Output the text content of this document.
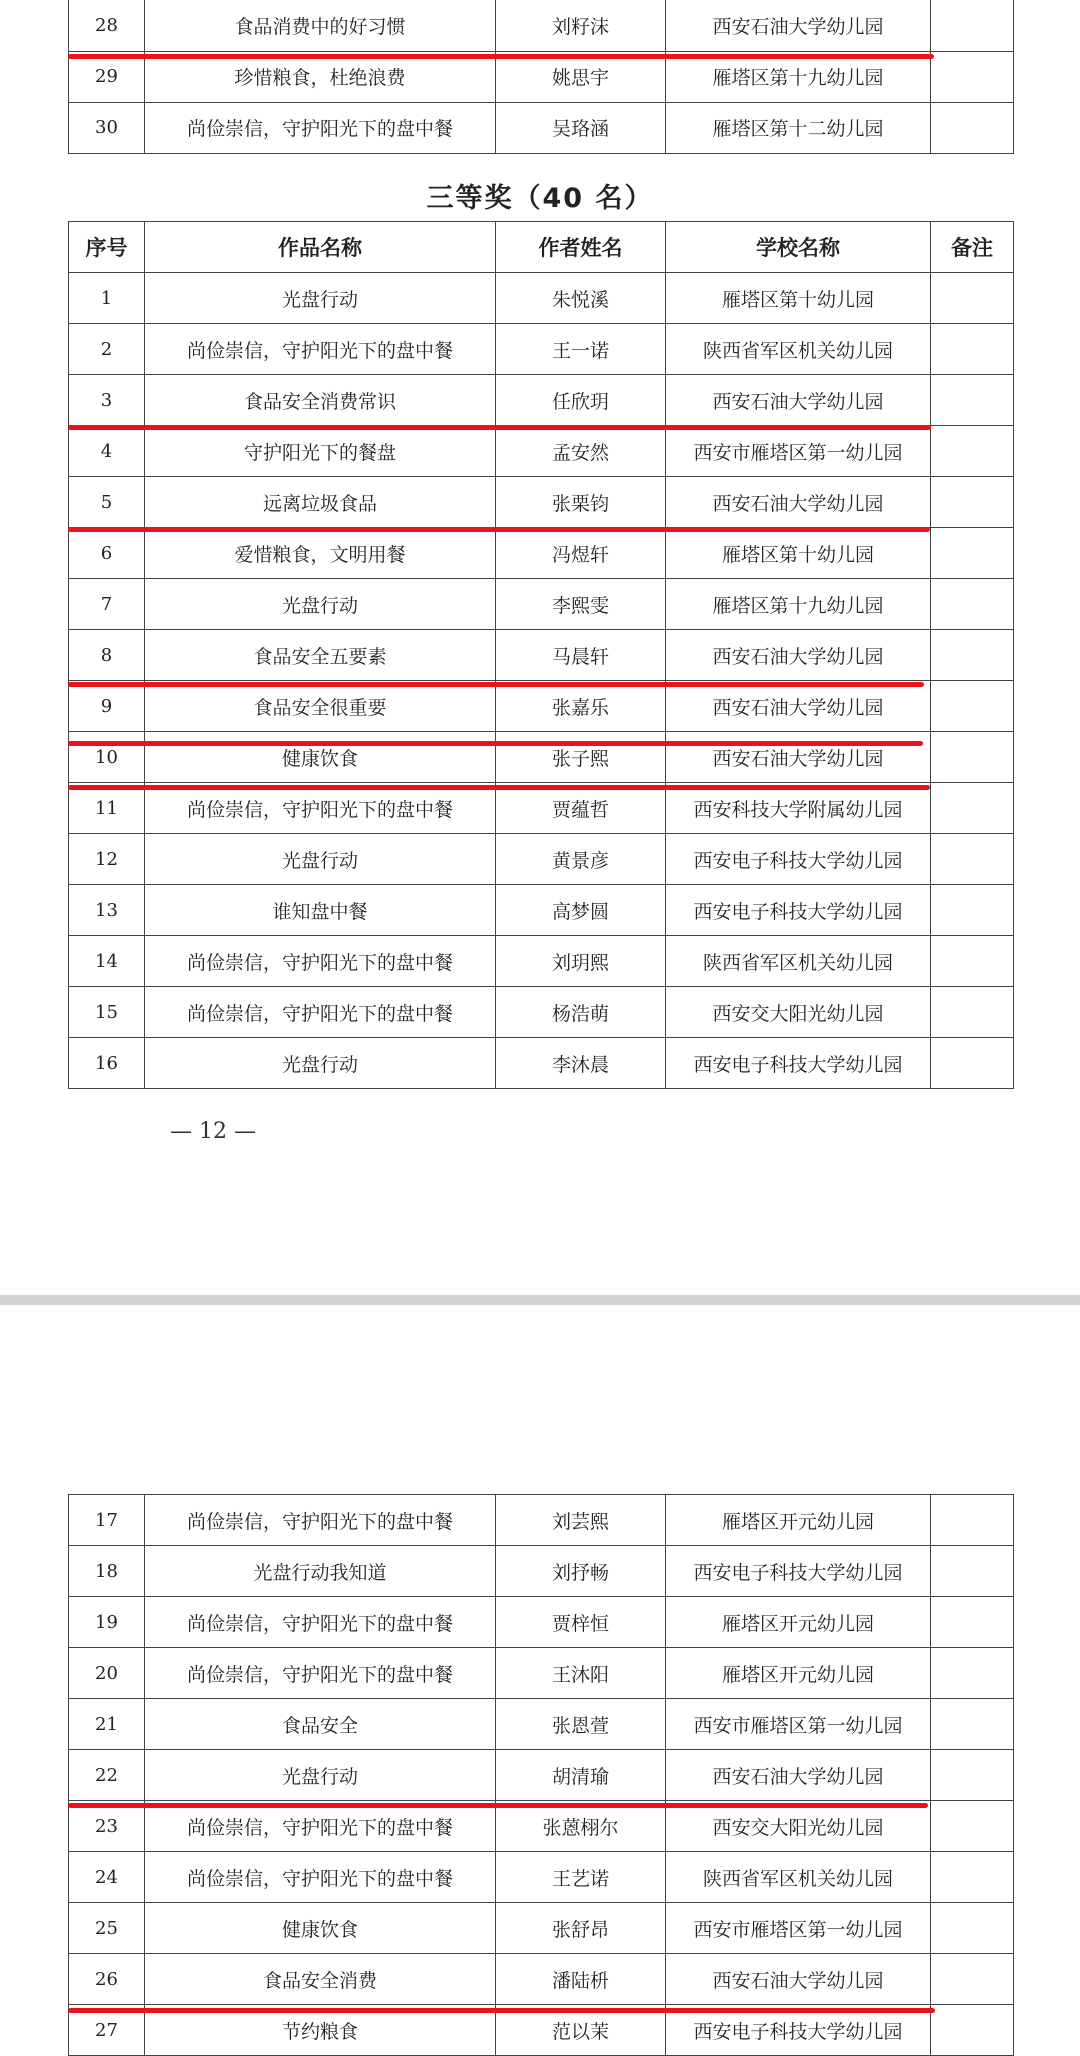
28	食品消费中的好习惯	刘籽沫	西安石油大学幼儿园	
29	珍惜粮食，杜绝浪费	姚思宇	雁塔区第十九幼儿园	
30	尚俭崇信，守护阳光下的盘中餐	吴珞涵	雁塔区第十二幼儿园	
三等奖（40 名）
序号	作品名称	作者姓名	学校名称	备注
1	光盘行动	朱悦溪	雁塔区第十幼儿园	
2	尚俭崇信，守护阳光下的盘中餐	王一诺	陕西省军区机关幼儿园	
3	食品安全消费常识	任欣玥	西安石油大学幼儿园	
4	守护阳光下的餐盘	孟安然	西安市雁塔区第一幼儿园	
5	远离垃圾食品	张栗钧	西安石油大学幼儿园	
6	爱惜粮食，文明用餐	冯煜轩	雁塔区第十幼儿园	
7	光盘行动	李熙雯	雁塔区第十九幼儿园	
8	食品安全五要素	马晨轩	西安石油大学幼儿园	
9	食品安全很重要	张嘉乐	西安石油大学幼儿园	
10	健康饮食	张子熙	西安石油大学幼儿园	
11	尚俭崇信，守护阳光下的盘中餐	贾蕴哲	西安科技大学附属幼儿园	
12	光盘行动	黄景彦	西安电子科技大学幼儿园	
13	谁知盘中餐	高梦圆	西安电子科技大学幼儿园	
14	尚俭崇信，守护阳光下的盘中餐	刘玥熙	陕西省军区机关幼儿园	
15	尚俭崇信，守护阳光下的盘中餐	杨浩萌	西安交大阳光幼儿园	
16	光盘行动	李沐晨	西安电子科技大学幼儿园	
— 12 —
17	尚俭崇信，守护阳光下的盘中餐	刘芸熙	雁塔区开元幼儿园	
18	光盘行动我知道	刘抒畅	西安电子科技大学幼儿园	
19	尚俭崇信，守护阳光下的盘中餐	贾梓恒	雁塔区开元幼儿园	
20	尚俭崇信，守护阳光下的盘中餐	王沐阳	雁塔区开元幼儿园	
21	食品安全	张恩萱	西安市雁塔区第一幼儿园	
22	光盘行动	胡清瑜	西安石油大学幼儿园	
23	尚俭崇信，守护阳光下的盘中餐	张蒽栩尔	西安交大阳光幼儿园	
24	尚俭崇信，守护阳光下的盘中餐	王艺诺	陕西省军区机关幼儿园	
25	健康饮食	张舒昂	西安市雁塔区第一幼儿园	
26	食品安全消费	潘陆枡	西安石油大学幼儿园	
27	节约粮食	范以茉	西安电子科技大学幼儿园	
